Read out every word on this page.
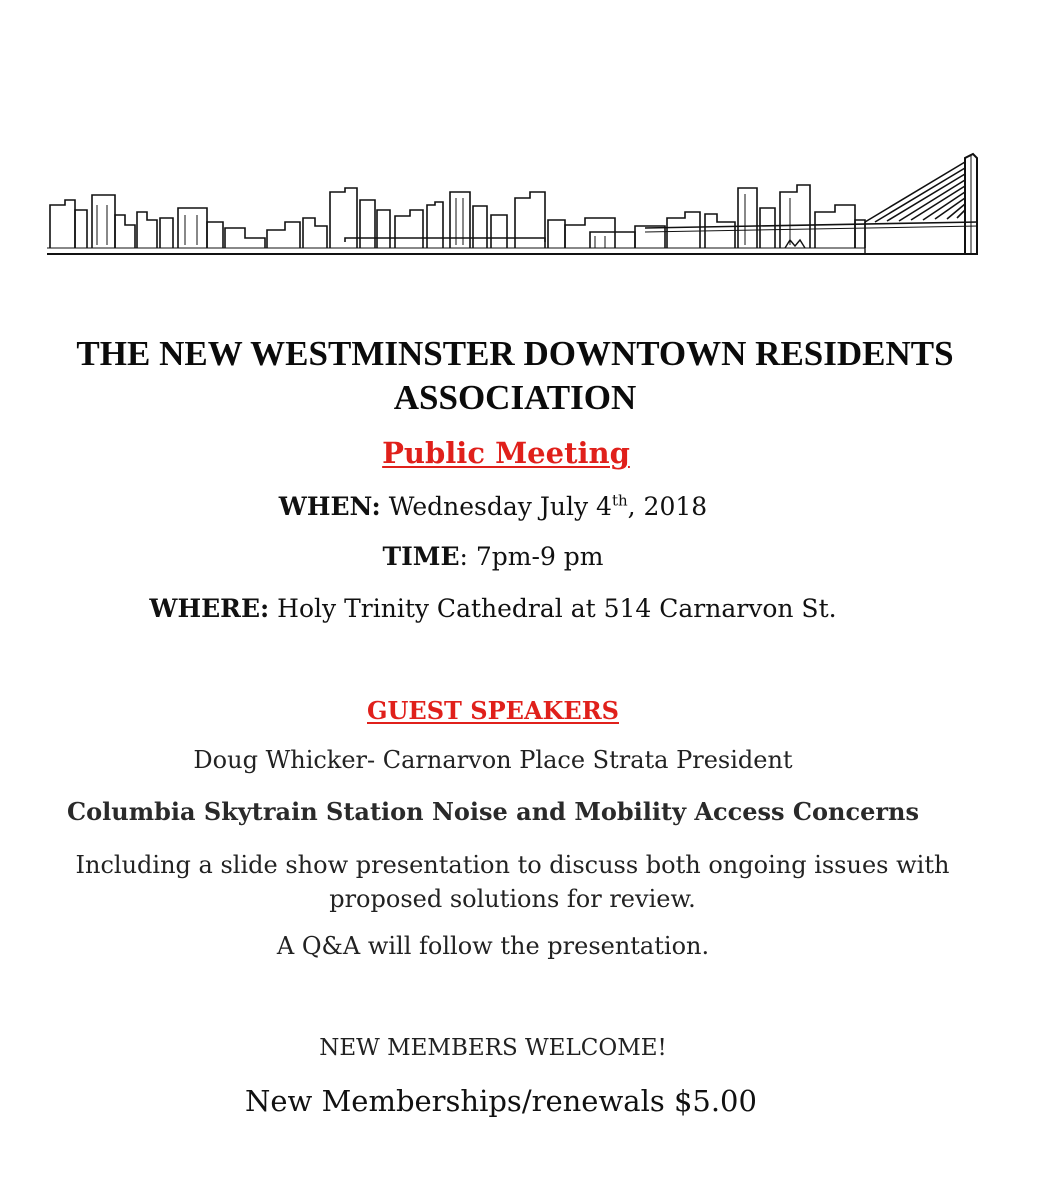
THE NEW WESTMINSTER DOWNTOWN RESIDENTS
ASSOCIATION
Public Meeting
WHEN: Wednesday July 4th, 2018
TIME: 7pm-9 pm
WHERE: Holy Trinity Cathedral at 514 Carnarvon St.
GUEST SPEAKERS
Doug Whicker- Carnarvon Place Strata President
Columbia Skytrain Station Noise and Mobility Access Concerns
Including a slide show presentation to discuss both ongoing issues with proposed solutions for review.
A Q&A will follow the presentation.
NEW MEMBERS WELCOME!
New Memberships/renewals $5.00
